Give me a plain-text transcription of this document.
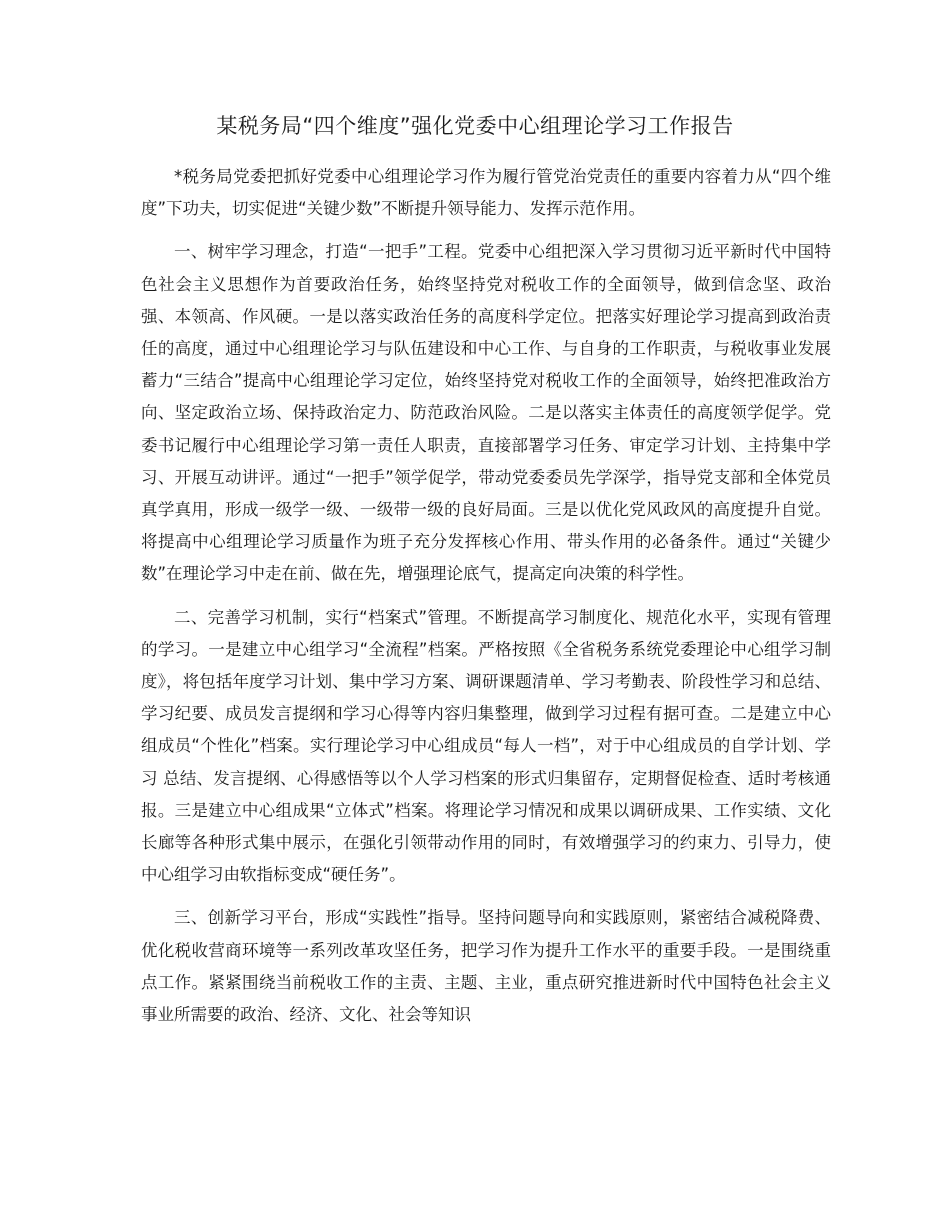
某税务局“四个维度”强化党委中心组理论学习工作报告

*税务局党委把抓好党委中心组理论学习作为履行管党治党责任的重要内容着力从“四个维度”下功夫，切实促进“关键少数”不断提升领导能力、发挥示范作用。

一、树牢学习理念，打造“一把手”工程。党委中心组把深入学习贯彻习近平新时代中国特色社会主义思想作为首要政治任务，始终坚持党对税收工作的全面领导，做到信念坚、政治强、本领高、作风硬。一是以落实政治任务的高度科学定位。把落实好理论学习提高到政治责任的高度，通过中心组理论学习与队伍建设和中心工作、与自身的工作职责，与税收事业发展蓄力“三结合”提高中心组理论学习定位，始终坚持党对税收工作的全面领导，始终把准政治方向、坚定政治立场、保持政治定力、防范政治风险。二是以落实主体责任的高度领学促学。党委书记履行中心组理论学习第一责任人职责，直接部署学习任务、审定学习计划、主持集中学习、开展互动讲评。通过“一把手”领学促学，带动党委委员先学深学，指导党支部和全体党员真学真用，形成一级学一级、一级带一级的良好局面。三是以优化党风政风的高度提升自觉。将提高中心组理论学习质量作为班子充分发挥核心作用、带头作用的必备条件。通过“关键少数”在理论学习中走在前、做在先，增强理论底气，提高定向决策的科学性。

二、完善学习机制，实行“档案式”管理。不断提高学习制度化、规范化水平，实现有管理的学习。一是建立中心组学习“全流程”档案。严格按照《全省税务系统党委理论中心组学习制度》，将包括年度学习计划、集中学习方案、调研课题清单、学习考勤表、阶段性学习和总结、学习纪要、成员发言提纲和学习心得等内容归集整理，做到学习过程有据可查。二是建立中心组成员“个性化”档案。实行理论学习中心组成员“每人一档”，对于中心组成员的自学计划、学习 总结、发言提纲、心得感悟等以个人学习档案的形式归集留存，定期督促检查、适时考核通报。三是建立中心组成果“立体式”档案。将理论学习情况和成果以调研成果、工作实绩、文化长廊等各种形式集中展示，在强化引领带动作用的同时，有效增强学习的约束力、引导力，使中心组学习由软指标变成“硬任务”。

三、创新学习平台，形成“实践性”指导。坚持问题导向和实践原则，紧密结合减税降费、优化税收营商环境等一系列改革攻坚任务，把学习作为提升工作水平的重要手段。一是围绕重点工作。紧紧围绕当前税收工作的主责、主题、主业，重点研究推进新时代中国特色社会主义事业所需要的政治、经济、文化、社会等知识
